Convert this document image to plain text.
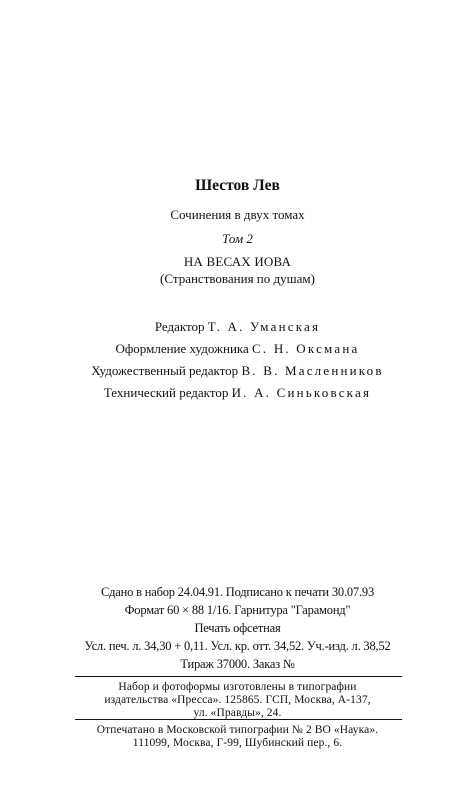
Шестов Лев
Сочинения в двух томах
Том 2
НА ВЕСАХ ИОВА
(Странствования по душам)
Редактор Т. А. Уманская
Оформление художника С. Н. Оксмана
Художественный редактор В. В. Масленников
Технический редактор И. А. Синьковская
Сдано в набор 24.04.91. Подписано к печати 30.07.93
Формат 60 × 88 1/16. Гарнитура "Гарамонд"
Печать офсетная
Усл. печ. л. 34,30 + 0,11. Усл. кр. отт. 34,52. Уч.-изд. л. 38,52
Тираж 37000. Заказ №
Набор и фотоформы изготовлены в типографии
издательства «Пресса». 125865. ГСП, Москва, А-137,
ул. «Правды», 24.
Отпечатано в Московской типографии № 2 ВО «Наука».
111099, Москва, Г-99, Шубинский пер., 6.
